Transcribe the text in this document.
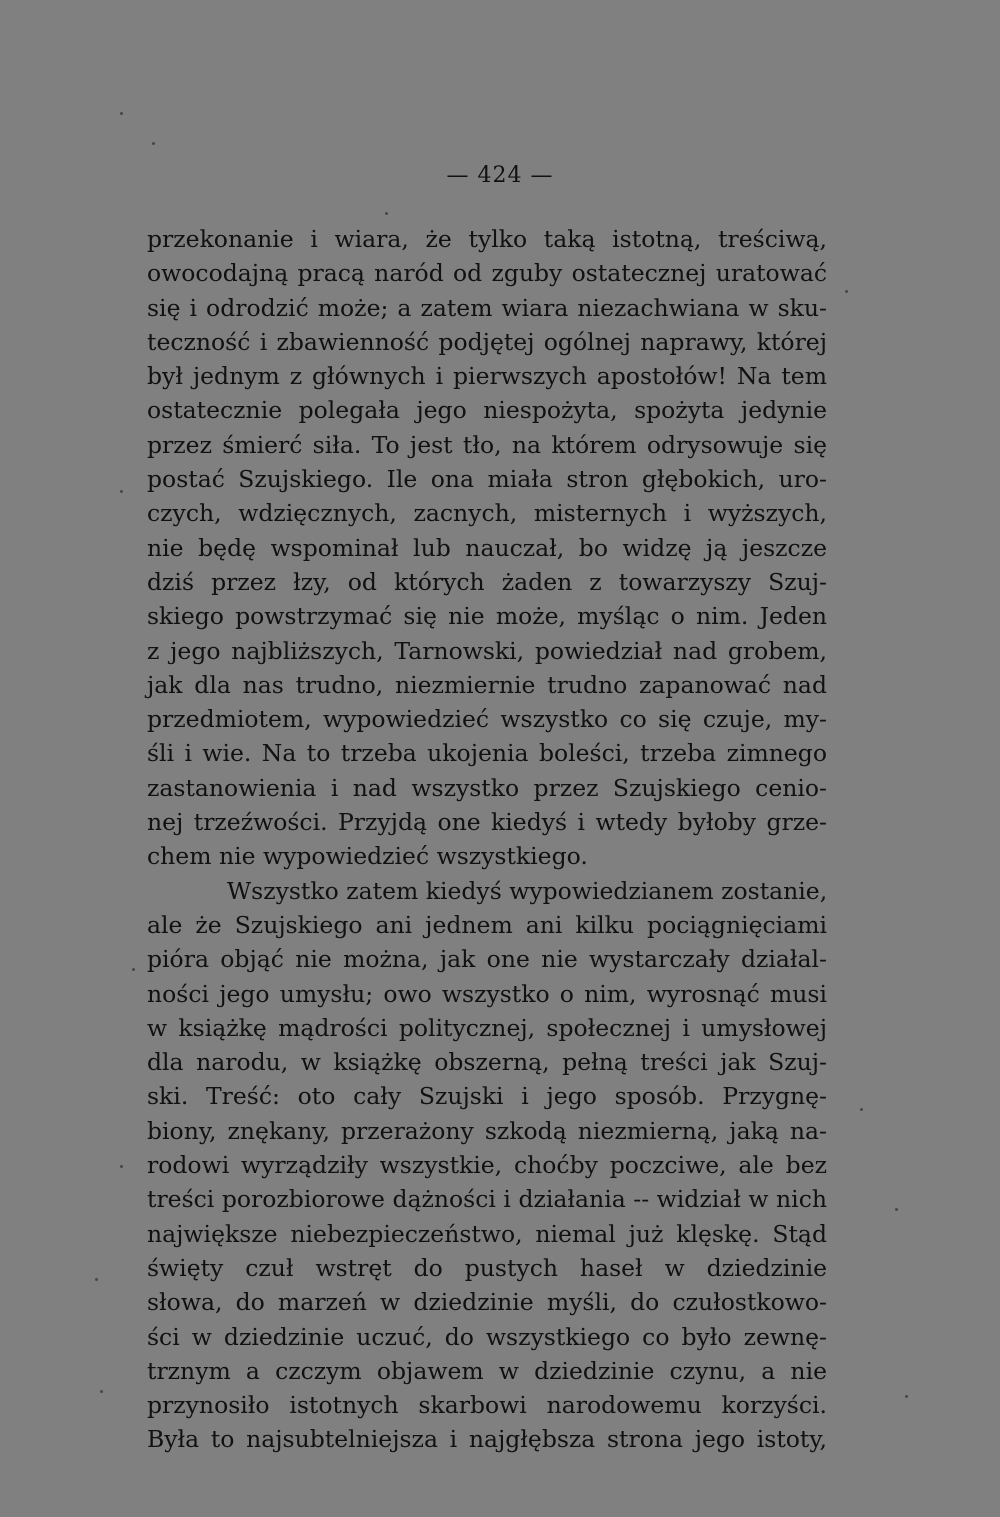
— 424 —
przekonanie i wiara, że tylko taką istotną, treściwą,
owocodajną pracą naród od zguby ostatecznej uratować
się i odrodzić może; a zatem wiara niezachwiana w sku-
teczność i zbawienność podjętej ogólnej naprawy, której
był jednym z głównych i pierwszych apostołów! Na tem
ostatecznie polegała jego niespożyta, spożyta jedynie
przez śmierć siła. To jest tło, na którem odrysowuje się
postać Szujskiego. Ile ona miała stron głębokich, uro-
czych, wdzięcznych, zacnych, misternych i wyższych,
nie będę wspominał lub nauczał, bo widzę ją jeszcze
dziś przez łzy, od których żaden z towarzyszy Szuj-
skiego powstrzymać się nie może, myśląc o nim. Jeden
z jego najbliższych, Tarnowski, powiedział nad grobem,
jak dla nas trudno, niezmiernie trudno zapanować nad
przedmiotem, wypowiedzieć wszystko co się czuje, my-
śli i wie. Na to trzeba ukojenia boleści, trzeba zimnego
zastanowienia i nad wszystko przez Szujskiego cenio-
nej trzeźwości. Przyjdą one kiedyś i wtedy byłoby grze-
chem nie wypowiedzieć wszystkiego.
Wszystko zatem kiedyś wypowiedzianem zostanie,
ale że Szujskiego ani jednem ani kilku pociągnięciami
pióra objąć nie można, jak one nie wystarczały działal-
ności jego umysłu; owo wszystko o nim, wyrosnąć musi
w książkę mądrości politycznej, społecznej i umysłowej
dla narodu, w książkę obszerną, pełną treści jak Szuj-
ski. Treść: oto cały Szujski i jego sposób. Przygnę-
biony, znękany, przerażony szkodą niezmierną, jaką na-
rodowi wyrządziły wszystkie, choćby poczciwe, ale bez
treści porozbiorowe dążności i działania -- widział w nich
największe niebezpieczeństwo, niemal już klęskę. Stąd
święty czuł wstręt do pustych haseł w dziedzinie
słowa, do marzeń w dziedzinie myśli, do czułostkowo-
ści w dziedzinie uczuć, do wszystkiego co było zewnę-
trznym a czczym objawem w dziedzinie czynu, a nie
przynosiło istotnych skarbowi narodowemu korzyści.
Była to najsubtelniejsza i najgłębsza strona jego istoty,
